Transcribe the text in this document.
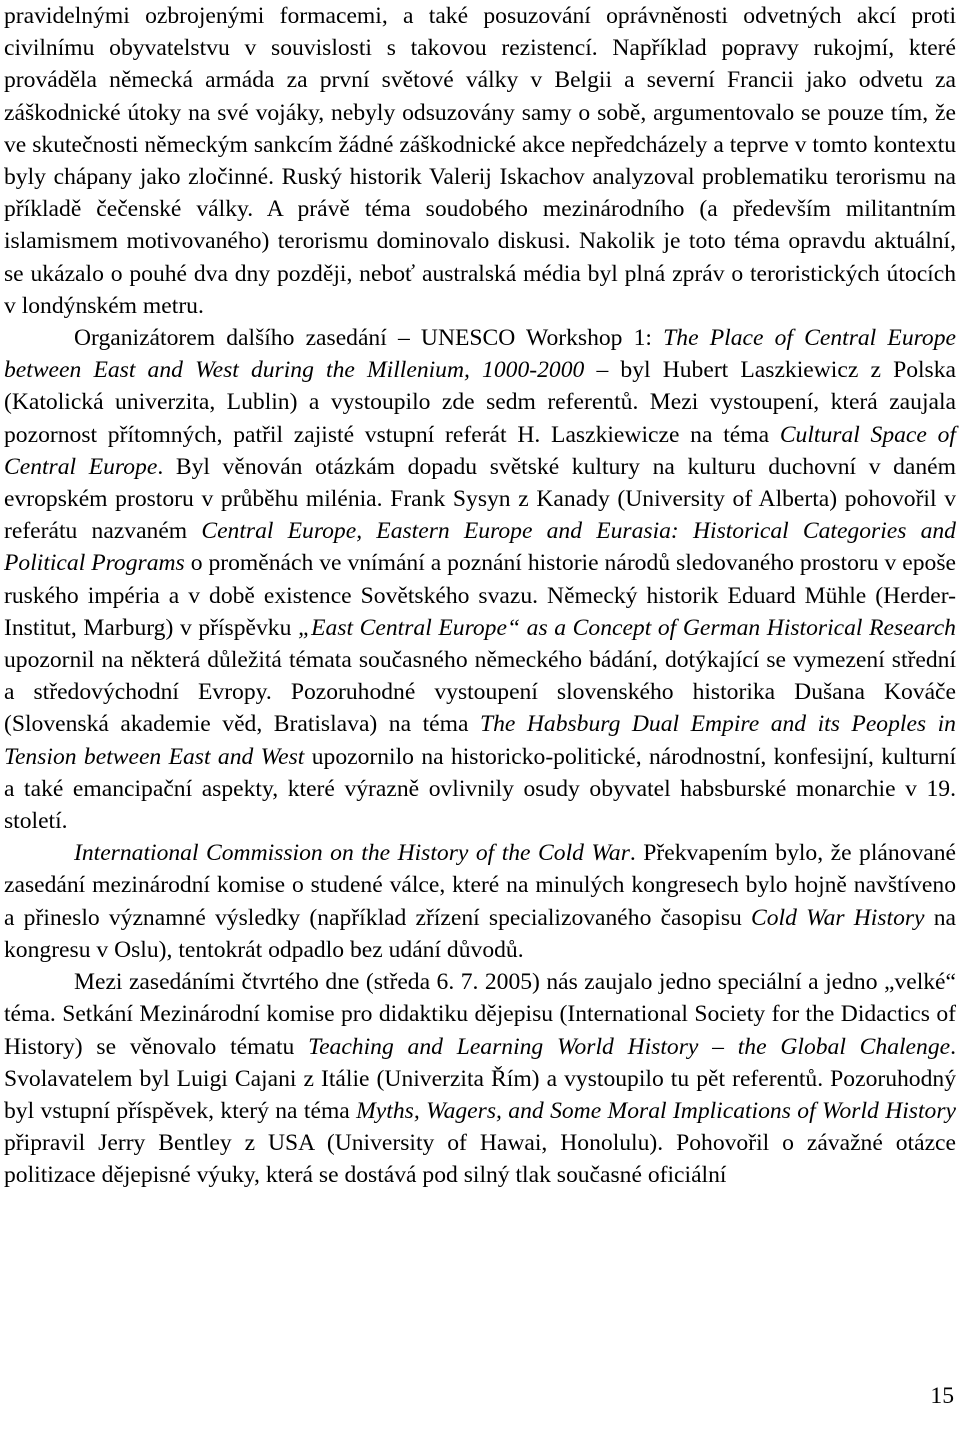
pravidelnými ozbrojenými formacemi, a také posuzování oprávněnosti odvetných akcí proti civilnímu obyvatelstvu v souvislosti s takovou rezistencí. Například popravy rukojmí, které prováděla německá armáda za první světové války v Belgii a severní Francii jako odvetu za záškodnické útoky na své vojáky, nebyly odsuzovány samy o sobě, argumentovalo se pouze tím, že ve skutečnosti německým sankcím žádné záškodnické akce nepředcházely a teprve v tomto kontextu byly chápany jako zločinné. Ruský historik Valerij Iskachov analyzoval problematiku terorismu na příkladě čečenské války. A právě téma soudobého mezinárodního (a především militantním islamismem motivovaného) terorismu dominovalo diskusi. Nakolik je toto téma opravdu aktuální, se ukázalo o pouhé dva dny později, neboť australská média byl plná zpráv o teroristických útocích v londýnském metru.

Organizátorem dalšího zasedání – UNESCO Workshop 1: The Place of Central Europe between East and West during the Millenium, 1000-2000 – byl Hubert Laszkiewicz z Polska (Katolická univerzita, Lublin) a vystoupilo zde sedm referentů. Mezi vystoupení, která zaujala pozornost přítomných, patřil zajisté vstupní referát H. Laszkiewicze na téma Cultural Space of Central Europe. Byl věnován otázkám dopadu světské kultury na kulturu duchovní v daném evropském prostoru v průběhu milénia. Frank Sysyn z Kanady (University of Alberta) pohovořil v referátu nazvaném Central Europe, Eastern Europe and Eurasia: Historical Categories and Political Programs o proměnách ve vnímání a poznání historie národů sledovaného prostoru v epoše ruského impéria a v době existence Sovětského svazu. Německý historik Eduard Mühle (Herder-Institut, Marburg) v příspěvku „East Central Europe“ as a Concept of German Historical Research upozornil na některá důležitá témata současného německého bádání, dotýkající se vymezení střední a středovýchodní Evropy. Pozoruhodné vystoupení slovenského historika Dušana Kováče (Slovenská akademie věd, Bratislava) na téma The Habsburg Dual Empire and its Peoples in Tension between East and West upozornilo na historicko-politické, národnostní, konfesijní, kulturní a také emancipační aspekty, které výrazně ovlivnily osudy obyvatel habsburské monarchie v 19. století.

International Commission on the History of the Cold War. Překvapením bylo, že plánované zasedání mezinárodní komise o studené válce, které na minulých kongresech bylo hojně navštíveno a přineslo významné výsledky (například zřízení specializovaného časopisu Cold War History na kongresu v Oslu), tentokrát odpadlo bez udání důvodů.

Mezi zasedáními čtvrtého dne (středa 6. 7. 2005) nás zaujalo jedno speciální a jedno „velké“ téma. Setkání Mezinárodní komise pro didaktiku dějepisu (International Society for the Didactics of History) se věnovalo tématu Teaching and Learning World History – the Global Chalenge. Svolavatelem byl Luigi Cajani z Itálie (Univerzita Řím) a vystoupilo tu pět referentů. Pozoruhodný byl vstupní příspěvek, který na téma Myths, Wagers, and Some Moral Implications of World History připravil Jerry Bentley z USA (University of Hawai, Honolulu). Pohovořil o závažné otázce politizace dějepisné výuky, která se dostává pod silný tlak současné oficiální

15
